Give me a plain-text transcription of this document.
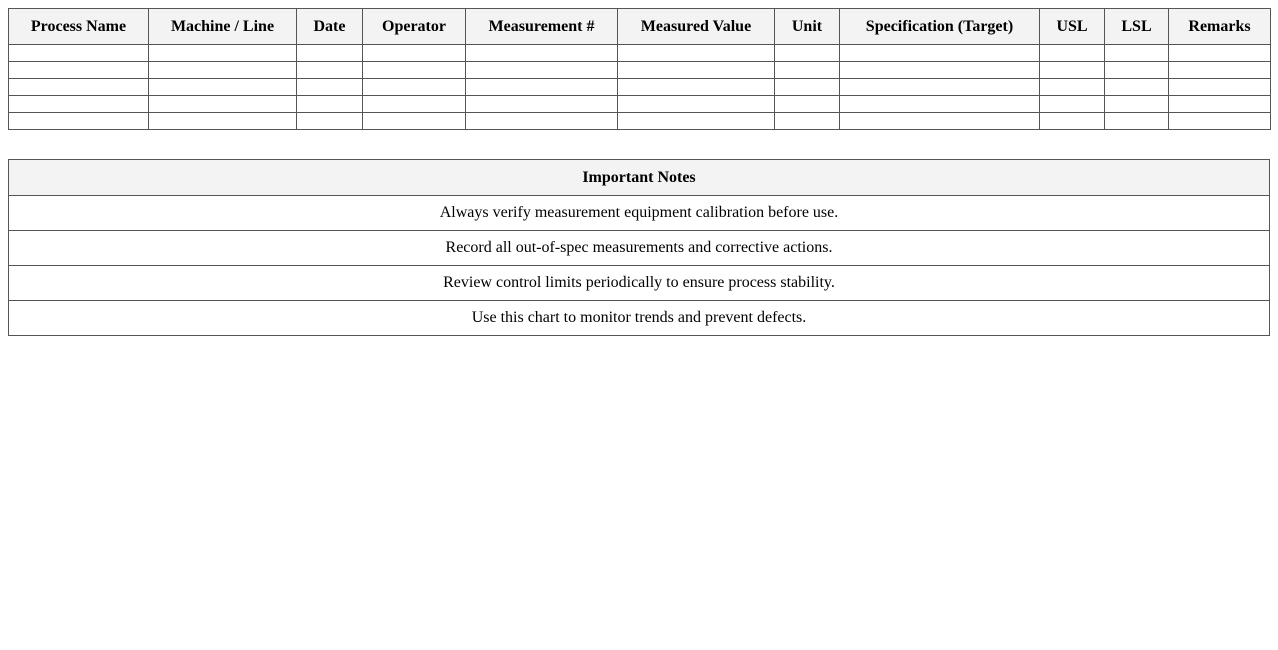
Process Name	Machine / Line	Date	Operator	Measurement #	Measured Value	Unit	Specification (Target)	USL	LSL	Remarks

Important Notes
Always verify measurement equipment calibration before use.
Record all out-of-spec measurements and corrective actions.
Review control limits periodically to ensure process stability.
Use this chart to monitor trends and prevent defects.
